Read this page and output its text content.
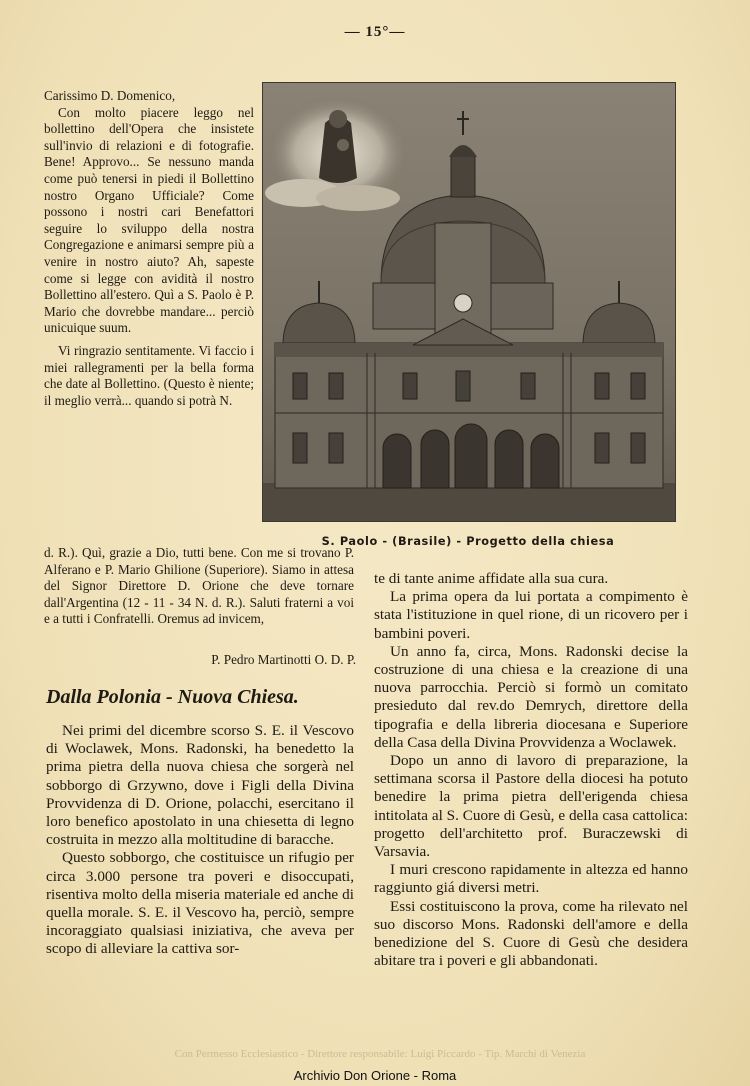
— 15°—

Carissimo D. Domenico,

Con molto piacere leggo nel bollettino dell'Opera che insistete sull'invio di relazioni e di fotografie. Bene! Approvo... Se nessuno manda come può tenersi in piedi il Bollettino nostro Organo Ufficiale? Come possono i nostri cari Benefattori seguire lo sviluppo della nostra Congregazione e animarsi sempre più a venire in nostro aiuto? Ah, sapeste come si legge con avidità il nostro Bollettino all'estero. Quì a S. Paolo è P. Mario che dovrebbe mandare... perciò unicuique suum.

Vi ringrazio sentitamente. Vi faccio i miei rallegramenti per la bella forma che date al Bollettino. (Questo è niente; il meglio verrà... quando si potrà N.

d. R.). Quì, grazie a Dio, tutti bene. Con me si trovano P. Alferano e P. Mario Ghilione (Superiore). Siamo in attesa del Signor Direttore D. Orione che deve tornare dall'Argentina (12 - 11 - 34 N. d. R.). Saluti fraterni a voi e a tutti i Confratelli. Oremus ad invicem,

P. Pedro Martinotti O. D. P.
S. Paolo - (Brasile) - Progetto della chiesa
Dalla Polonia - Nuova Chiesa.

Nei primi del dicembre scorso S. E. il Vescovo di Woclawek, Mons. Radonski, ha benedetto la prima pietra della nuova chiesa che sorgerà nel sobborgo di Grzywno, dove i Figli della Divina Provvidenza di D. Orione, polacchi, esercitano il loro benefico apostolato in una chiesetta di legno costruita in mezzo alla moltitudine di baracche.

Questo sobborgo, che costituisce un rifugio per circa 3.000 persone tra poveri e disoccupati, risentiva molto della miseria materiale ed anche di quella morale. S. E. il Vescovo ha, perciò, sempre incoraggiato qualsiasi iniziativa, che aveva per scopo di alleviare la cattiva sor-

te di tante anime affidate alla sua cura.

La prima opera da lui portata a compimento è stata l'istituzione in quel rione, di un ricovero per i bambini poveri.

Un anno fa, circa, Mons. Radonski decise la costruzione di una chiesa e la creazione di una nuova parrocchia. Perciò si formò un comitato presieduto dal rev.do Demrych, direttore della tipografia e della libreria diocesana e Superiore della Casa della Divina Provvidenza a Woclawek.

Dopo un anno di lavoro di preparazione, la settimana scorsa il Pastore della diocesi ha potuto benedire la prima pietra dell'erigenda chiesa intitolata al S. Cuore di Gesù, e della casa cattolica: progetto dell'architetto prof. Buraczewski di Varsavia.

I muri crescono rapidamente in altezza ed hanno raggiunto giá diversi metri.

Essi costituiscono la prova, come ha rilevato nel suo discorso Mons. Radonski dell'amore e della benedizione del S. Cuore di Gesù che desidera abitare tra i poveri e gli abbandonati.

Con Permesso Ecclesiastico - Direttore responsabile: Luigi Piccardo - Tip. Marchi di Venezia
Archivio Don Orione - Roma
